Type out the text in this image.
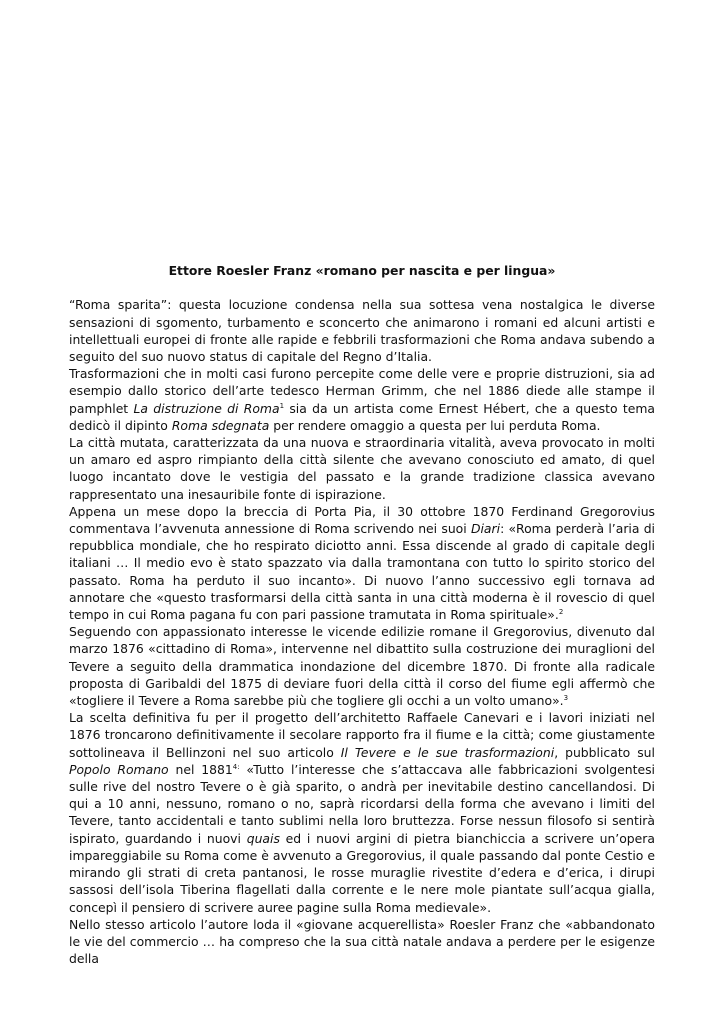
Ettore Roesler Franz «romano per nascita e per lingua»

“Roma sparita”: questa locuzione condensa nella sua sottesa vena nostalgica le diverse sensazioni di sgomento, turbamento e sconcerto che animarono i romani ed alcuni artisti e intellettuali europei di fronte alle rapide e febbrili trasformazioni che Roma andava subendo a seguito del suo nuovo status di capitale del Regno d’Italia.

Trasformazioni che in molti casi furono percepite come delle vere e proprie distruzioni, sia ad esempio dallo storico dell’arte tedesco Herman Grimm, che nel 1886 diede alle stampe il pamphlet La distruzione di Roma$^1$ sia da un artista come Ernest Hébert, che a questo tema dedicò il dipinto Roma sdegnata per rendere omaggio a questa per lui perduta Roma.

La città mutata, caratterizzata da una nuova e straordinaria vitalità, aveva provocato in molti un amaro ed aspro rimpianto della città silente che avevano conosciuto ed amato, di quel luogo incantato dove le vestigia del passato e la grande tradizione classica avevano rappresentato una inesauribile fonte di ispirazione.

Appena un mese dopo la breccia di Porta Pia, il 30 ottobre 1870 Ferdinand Gregorovius commentava l’avvenuta annessione di Roma scrivendo nei suoi Diari: «Roma perderà l’aria di repubblica mondiale, che ho respirato diciotto anni. Essa discende al grado di capitale degli italiani … Il medio evo è stato spazzato via dalla tramontana con tutto lo spirito storico del passato. Roma ha perduto il suo incanto». Di nuovo l’anno successivo egli tornava ad annotare che «questo trasformarsi della città santa in una città moderna è il rovescio di quel tempo in cui Roma pagana fu con pari passione tramutata in Roma spirituale».$^2$

Seguendo con appassionato interesse le vicende edilizie romane il Gregorovius, divenuto dal marzo 1876 «cittadino di Roma», intervenne nel dibattito sulla costruzione dei muraglioni del Tevere a seguito della drammatica inondazione del dicembre 1870. Di fronte alla radicale proposta di Garibaldi del 1875 di deviare fuori della città il corso del fiume egli affermò che «togliere il Tevere a Roma sarebbe più che togliere gli occhi a un volto umano».$^3$

La scelta definitiva fu per il progetto dell’architetto Raffaele Canevari e i lavori iniziati nel 1876 troncarono definitivamente il secolare rapporto fra il fiume e la città; come giustamente sottolineava il Bellinzoni nel suo articolo Il Tevere e le sue trasformazioni, pubblicato sul Popolo Romano nel $1881^{4:}$ «Tutto l’interesse che s’attaccava alle fabbricazioni svolgentesi sulle rive del nostro Tevere o è già sparito, o andrà per inevitabile destino cancellandosi. Di qui a 10 anni, nessuno, romano o no, saprà ricordarsi della forma che avevano i limiti del Tevere, tanto accidentali e tanto sublimi nella loro bruttezza. Forse nessun filosofo si sentirà ispirato, guardando i nuovi quais ed i nuovi argini di pietra bianchiccia a scrivere un’opera impareggiabile su Roma come è avvenuto a Gregorovius, il quale passando dal ponte Cestio e mirando gli strati di creta pantanosi, le rosse muraglie rivestite d’edera e d’erica, i dirupi sassosi dell’isola Tiberina flagellati dalla corrente e le nere mole piantate sull’acqua gialla, concepì il pensiero di scrivere auree pagine sulla Roma medievale».

Nello stesso articolo l’autore loda il «giovane acquerellista» Roesler Franz che «abbandonato le vie del commercio … ha compreso che la sua città natale andava a perdere per le esigenze della
